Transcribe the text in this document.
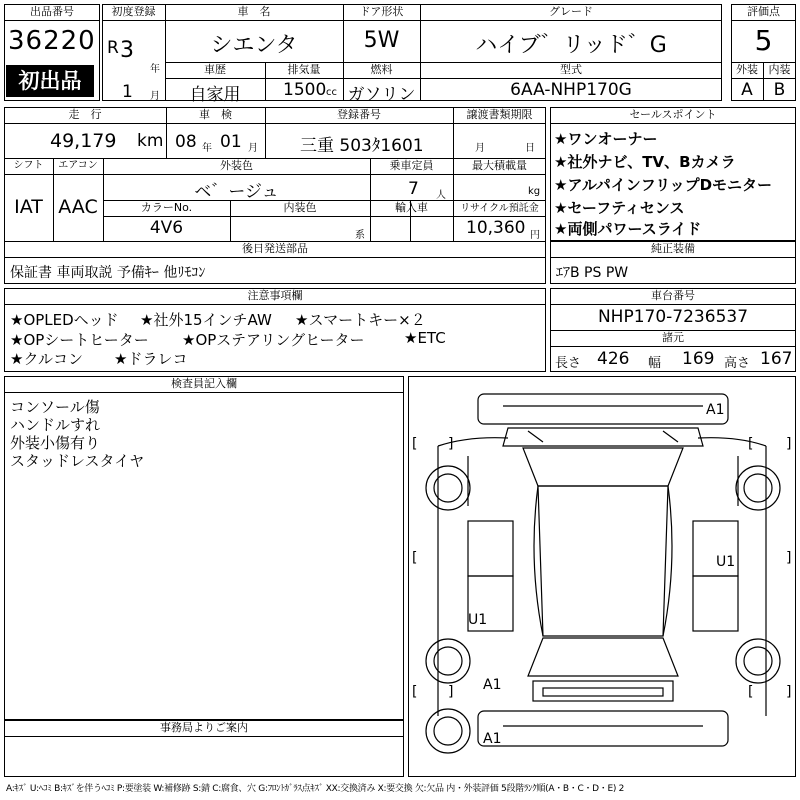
出品番号
36220
初出品
初度登録
R 3
年
1 月
車　名
シエンタ
ドア形状
5W
グレード
ハイブ゛リッド゛G
車歴
自家用
排気量
1500 cc
燃料
ガソリン
型式
6AA-NHP170G
評価点
5
外装 内装
A	B
走　行
49,179 km
車　検
08 年 01 月
登録番号
三重 503ﾀ1601
譲渡書類期限
月	日
シフト
IAT
エアコン
AAC
外装色
ベ゛ージュ
乗車定員
7 人
最大積載量
kg
カラーNo.
4V6
内装色
系
輸入車	リサイクル預託金
10,360 円
後日発送部品
保証書 車両取説 予備ｷｰ 他ﾘﾓｺﾝ
セールスポイント
★ワンオーナー
★社外ナビ、TV、Bカメラ
★アルパインフリップDモニター
★セーフティセンス
★両側パワースライド
純正装備
ｴｱB PS PW
注意事項欄
★OPLEDヘッド ★社外15インチAW ★スマートキー×２
★OPシートヒーター ★OPステアリングヒーター	★ETC
★クルコン ★ドラレコ
車台番号
NHP170-7236537
諸元
長さ 426 幅 169 高さ 167
検査員記入欄
コンソール傷
ハンドルすれ
外装小傷有り
スタッドレスタイヤ
事務局よりご案内
[ ]	[ ]
[	]
[ ]	[ ]
A1
U1
U1
A1
A1
A:ｷｽﾞ U:ﾍｺﾐ B:ｷｽﾞを伴うﾍｺﾐ P:要塗装 W:補修跡 S:錆 C:腐食、穴 G:ﾌﾛﾝﾄｶﾞﾗｽ点ｷｽﾞ XX:交換済み X:要交換 欠:欠品 内・外装評価 5段階ﾗﾝｸ順(A・B・C・D・E) 2
